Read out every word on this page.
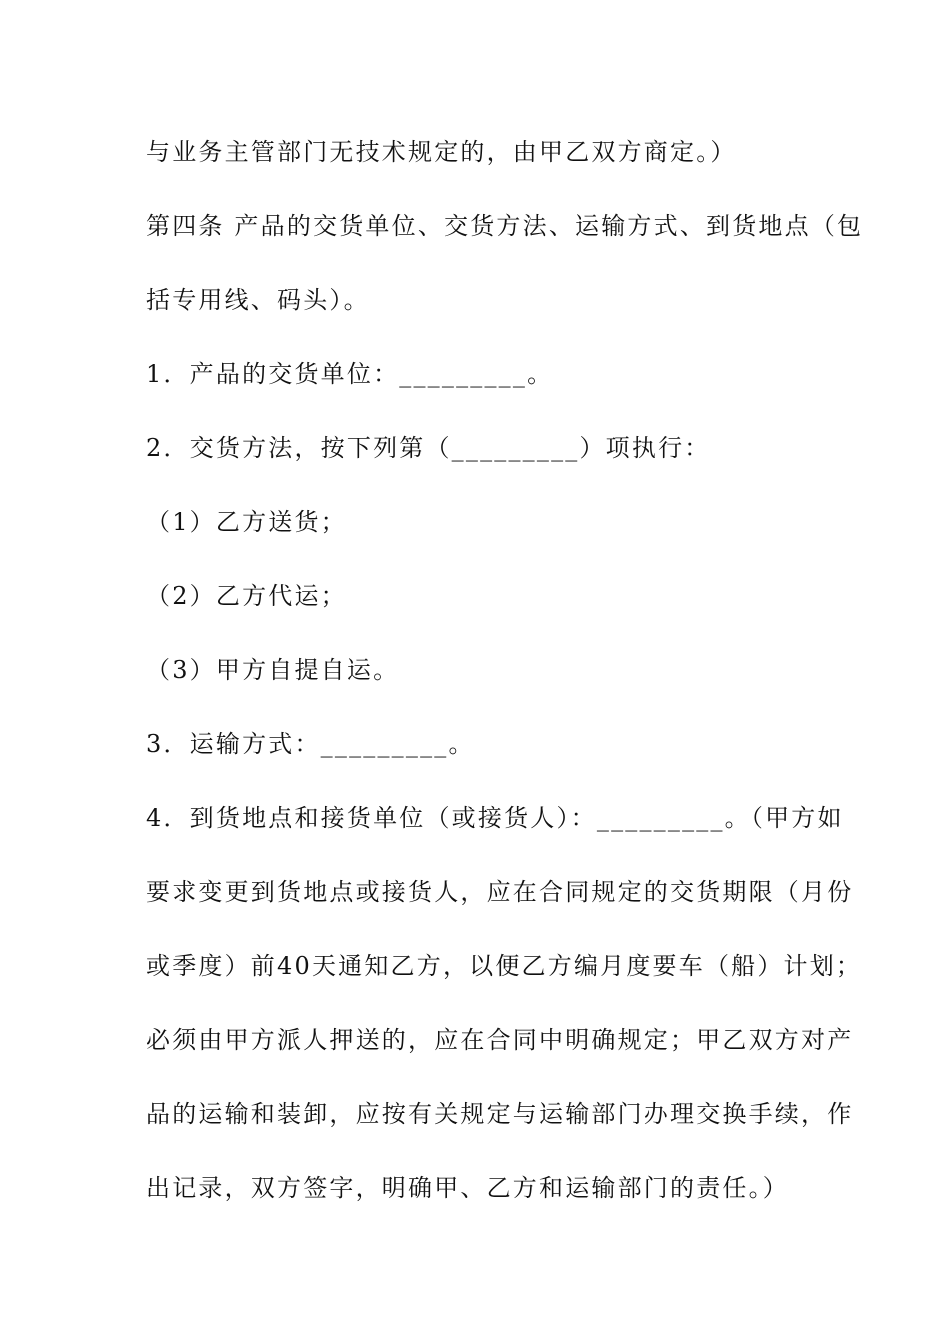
与业务主管部门无技术规定的，由甲乙双方商定。）
第四条 产品的交货单位、交货方法、运输方式、到货地点（包
括专用线、码头）。
1．产品的交货单位：_________。
2．交货方法，按下列第（_________）项执行：
（1）乙方送货；
（2）乙方代运；
（3）甲方自提自运。
3．运输方式：_________。
4．到货地点和接货单位（或接货人）：_________。（甲方如
要求变更到货地点或接货人，应在合同规定的交货期限（月份
或季度）前40天通知乙方，以便乙方编月度要车（船）计划；
必须由甲方派人押送的，应在合同中明确规定；甲乙双方对产
品的运输和装卸，应按有关规定与运输部门办理交换手续，作
出记录，双方签字，明确甲、乙方和运输部门的责任。）
